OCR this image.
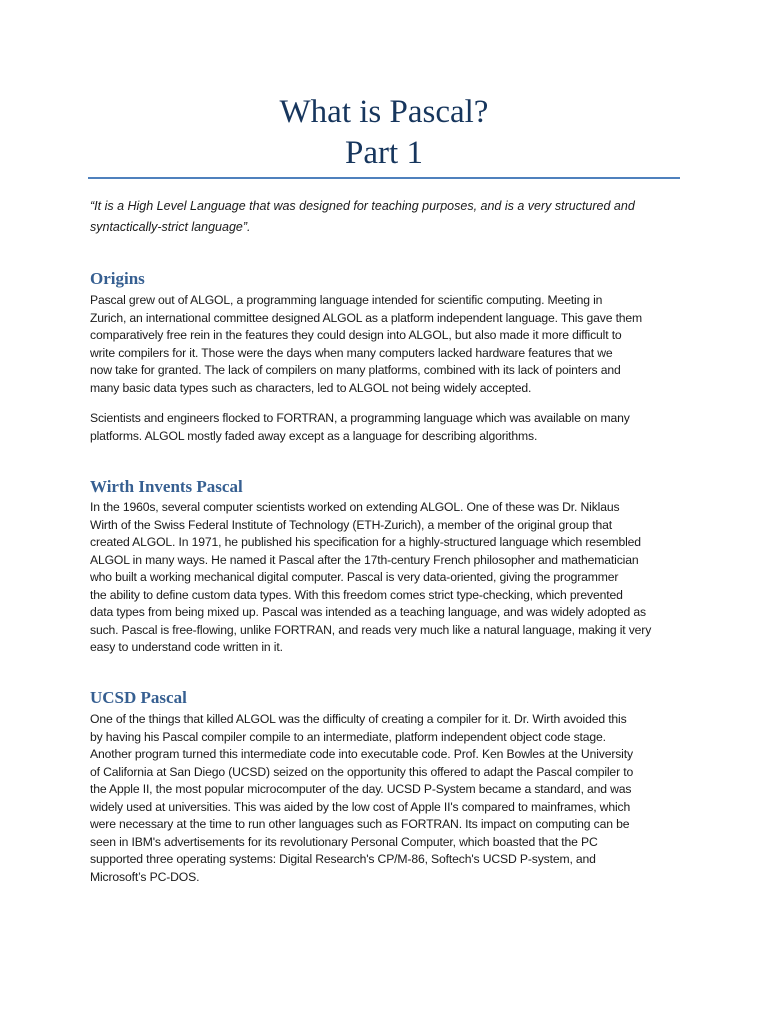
What is Pascal?
Part 1
“It is a High Level Language that was designed for teaching purposes, and is a very structured and syntactically-strict language”.
Origins
Pascal grew out of ALGOL, a programming language intended for scientific computing. Meeting in
Zurich, an international committee designed ALGOL as a platform independent language. This gave them
comparatively free rein in the features they could design into ALGOL, but also made it more difficult to
write compilers for it. Those were the days when many computers lacked hardware features that we
now take for granted. The lack of compilers on many platforms, combined with its lack of pointers and
many basic data types such as characters, led to ALGOL not being widely accepted.
Scientists and engineers flocked to FORTRAN, a programming language which was available on many
platforms. ALGOL mostly faded away except as a language for describing algorithms.
Wirth Invents Pascal
In the 1960s, several computer scientists worked on extending ALGOL. One of these was Dr. Niklaus
Wirth of the Swiss Federal Institute of Technology (ETH-Zurich), a member of the original group that
created ALGOL. In 1971, he published his specification for a highly-structured language which resembled
ALGOL in many ways. He named it Pascal after the 17th-century French philosopher and mathematician
who built a working mechanical digital computer. Pascal is very data-oriented, giving the programmer
the ability to define custom data types. With this freedom comes strict type-checking, which prevented
data types from being mixed up. Pascal was intended as a teaching language, and was widely adopted as
such. Pascal is free-flowing, unlike FORTRAN, and reads very much like a natural language, making it very
easy to understand code written in it.
UCSD Pascal
One of the things that killed ALGOL was the difficulty of creating a compiler for it. Dr. Wirth avoided this
by having his Pascal compiler compile to an intermediate, platform independent object code stage.
Another program turned this intermediate code into executable code. Prof. Ken Bowles at the University
of California at San Diego (UCSD) seized on the opportunity this offered to adapt the Pascal compiler to
the Apple II, the most popular microcomputer of the day. UCSD P-System became a standard, and was
widely used at universities. This was aided by the low cost of Apple II's compared to mainframes, which
were necessary at the time to run other languages such as FORTRAN. Its impact on computing can be
seen in IBM's advertisements for its revolutionary Personal Computer, which boasted that the PC
supported three operating systems: Digital Research's CP/M-86, Softech's UCSD P-system, and
Microsoft’s PC-DOS.
